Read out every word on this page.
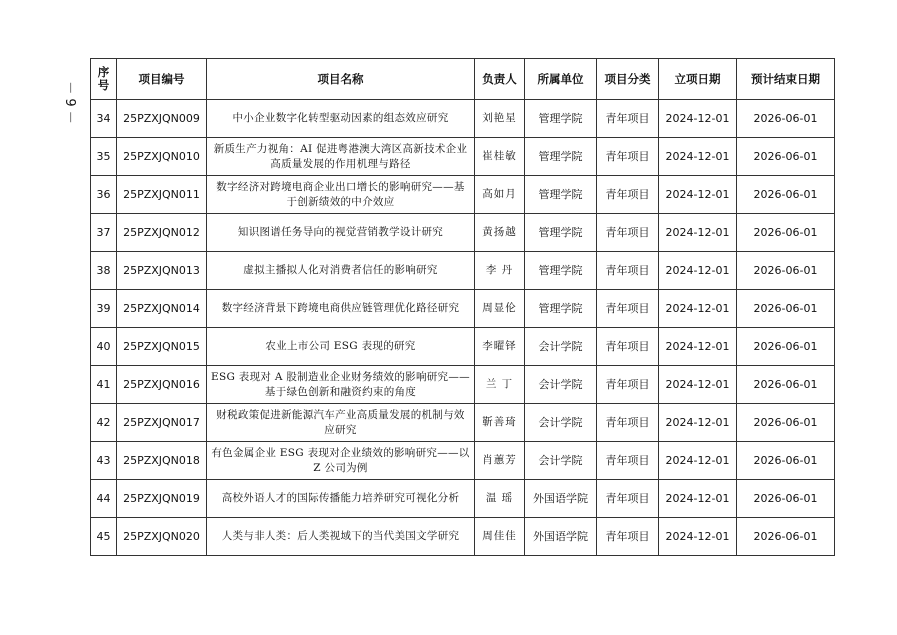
－ 9 －
序号	项目编号	项目名称	负责人	所属单位	项目分类	立项日期	预计结束日期
34	25PZXJQN009	中小企业数字化转型驱动因素的组态效应研究	刘艳星	管理学院	青年项目	2024-12-01	2026-06-01
35	25PZXJQN010	新质生产力视角：AI 促进粤港澳大湾区高新技术企业高质量发展的作用机理与路径	崔桂敏	管理学院	青年项目	2024-12-01	2026-06-01
36	25PZXJQN011	数字经济对跨境电商企业出口增长的影响研究——基于创新绩效的中介效应	高如月	管理学院	青年项目	2024-12-01	2026-06-01
37	25PZXJQN012	知识图谱任务导向的视觉营销教学设计研究	黄扬越	管理学院	青年项目	2024-12-01	2026-06-01
38	25PZXJQN013	虚拟主播拟人化对消费者信任的影响研究	李 丹	管理学院	青年项目	2024-12-01	2026-06-01
39	25PZXJQN014	数字经济背景下跨境电商供应链管理优化路径研究	周显伦	管理学院	青年项目	2024-12-01	2026-06-01
40	25PZXJQN015	农业上市公司 ESG 表现的研究	李曜铎	会计学院	青年项目	2024-12-01	2026-06-01
41	25PZXJQN016	ESG 表现对 A 股制造业企业财务绩效的影响研究——基于绿色创新和融资约束的角度	兰 丁	会计学院	青年项目	2024-12-01	2026-06-01
42	25PZXJQN017	财税政策促进新能源汽车产业高质量发展的机制与效应研究	靳善琦	会计学院	青年项目	2024-12-01	2026-06-01
43	25PZXJQN018	有色金属企业 ESG 表现对企业绩效的影响研究——以 Z 公司为例	肖蕙芳	会计学院	青年项目	2024-12-01	2026-06-01
44	25PZXJQN019	高校外语人才的国际传播能力培养研究可视化分析	温 瑶	外国语学院	青年项目	2024-12-01	2026-06-01
45	25PZXJQN020	人类与非人类：后人类视域下的当代美国文学研究	周佳佳	外国语学院	青年项目	2024-12-01	2026-06-01
